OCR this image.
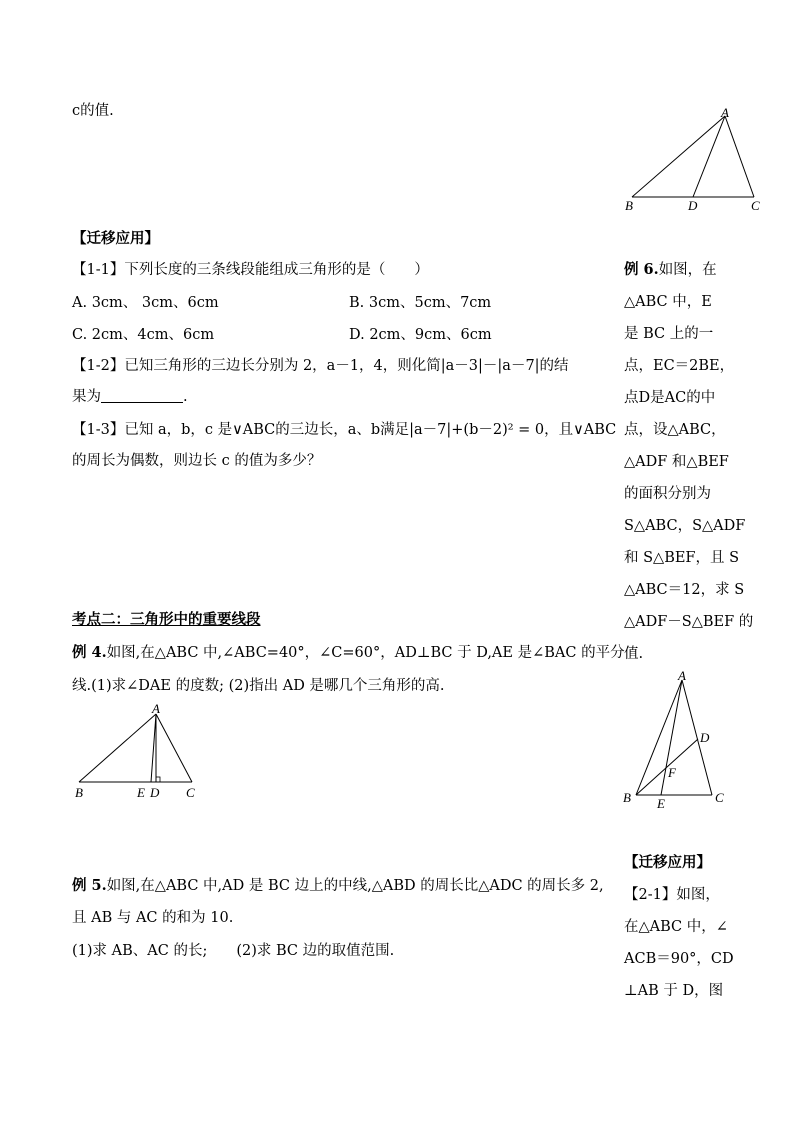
c的值.	A
B	D	C
【迁移应用】
【1-1】下列长度的三条线段能组成三角形的是（　　）
A. 3cm、 3cm、6cm	B. 3cm、5cm、7cm
C. 2cm、4cm、6cm	D. 2cm、9cm、6cm
【1-2】已知三角形的三边长分别为 2，a－1，4，则化简|a－3|－|a－7|的结
果为	.
【1-3】已知 a，b，c 是∨ABC的三边长，a、b满足|a－7|+(b－2)² = 0，且∨ABC
的周长为偶数，则边长 c 的值为多少？
考点二：三角形中的重要线段
例 4.如图,在△ABC 中,∠ABC=40°，∠C=60°，AD⊥BC 于 D,AE 是∠BAC 的平分
线.(1)求∠DAE 的度数; (2)指出 AD 是哪几个三角形的高.
A
B	E D C
例 5.如图,在△ABC 中,AD 是 BC 边上的中线,△ABD 的周长比△ADC 的周长多 2,
且 AB 与 AC 的和为 10.
(1)求 AB、AC 的长;　　(2)求 BC 边的取值范围.
例 6.如图，在
△ABC 中，E
是 BC 上的一
点，EC＝2BE，
点D是AC的中
点，设△ABC，
△ADF 和△BEF
的面积分别为
S△ABC，S△ADF
和 S△BEF，且 S
△ABC＝12，求 S
△ADF－S△BEF 的
值.
A
D
F
B E	C
【迁移应用】
【2-1】如图，
在△ABC 中，∠
ACB＝90°，CD
⊥AB 于 D，图
